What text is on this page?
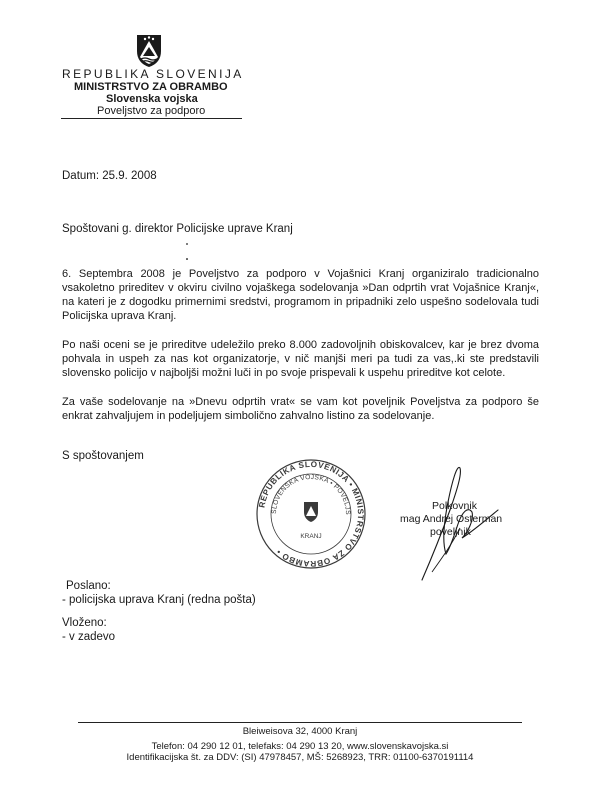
REPUBLIKA SLOVENIJA
MINISTRSTVO ZA OBRAMBO
Slovenska vojska
Poveljstvo za podporo
Datum: 25.9. 2008
Spoštovani g. direktor Policijske uprave Kranj
6. Septembra 2008 je Poveljstvo za podporo v Vojašnici Kranj organiziralo tradicionalno vsakoletno prireditev v okviru civilno vojaškega sodelovanja »Dan odprtih vrat Vojašnice Kranj«, na kateri je z dogodku primernimi sredstvi, programom in pripadniki zelo uspešno sodelovala tudi Policijska uprava Kranj.
Po naši oceni se je prireditve udeležilo preko 8.000 zadovoljnih obiskovalcev, kar je brez dvoma pohvala in uspeh za nas kot organizatorje, v nič manjši meri pa tudi za vas,.ki ste predstavili slovensko policijo v najboljši možni luči in po svoje prispevali k uspehu prireditve kot celote.
Za vaše sodelovanje na »Dnevu odprtih vrat« se vam kot poveljnik Poveljstva za podporo še enkrat zahvaljujem in podeljujem simbolično zahvalno listino za sodelovanje.
S spoštovanjem
REPUBLIKA SLOVENIJA • MINISTRSTVO ZA OBRAMBO •
SLOVENSKA VOJSKA • POVELJS
KRANJ
Polkovnik
mag Andrej Osterman
poveljnik
Poslano:
- policijska uprava Kranj (redna pošta)
Vloženo:
- v zadevo
Bleiweisova 32, 4000 Kranj
Telefon: 04 290 12 01, telefaks: 04 290 13 20, www.slovenskavojska.si
Identifikacijska št. za DDV: (SI) 47978457, MŠ: 5268923, TRR: 01100-6370191114
